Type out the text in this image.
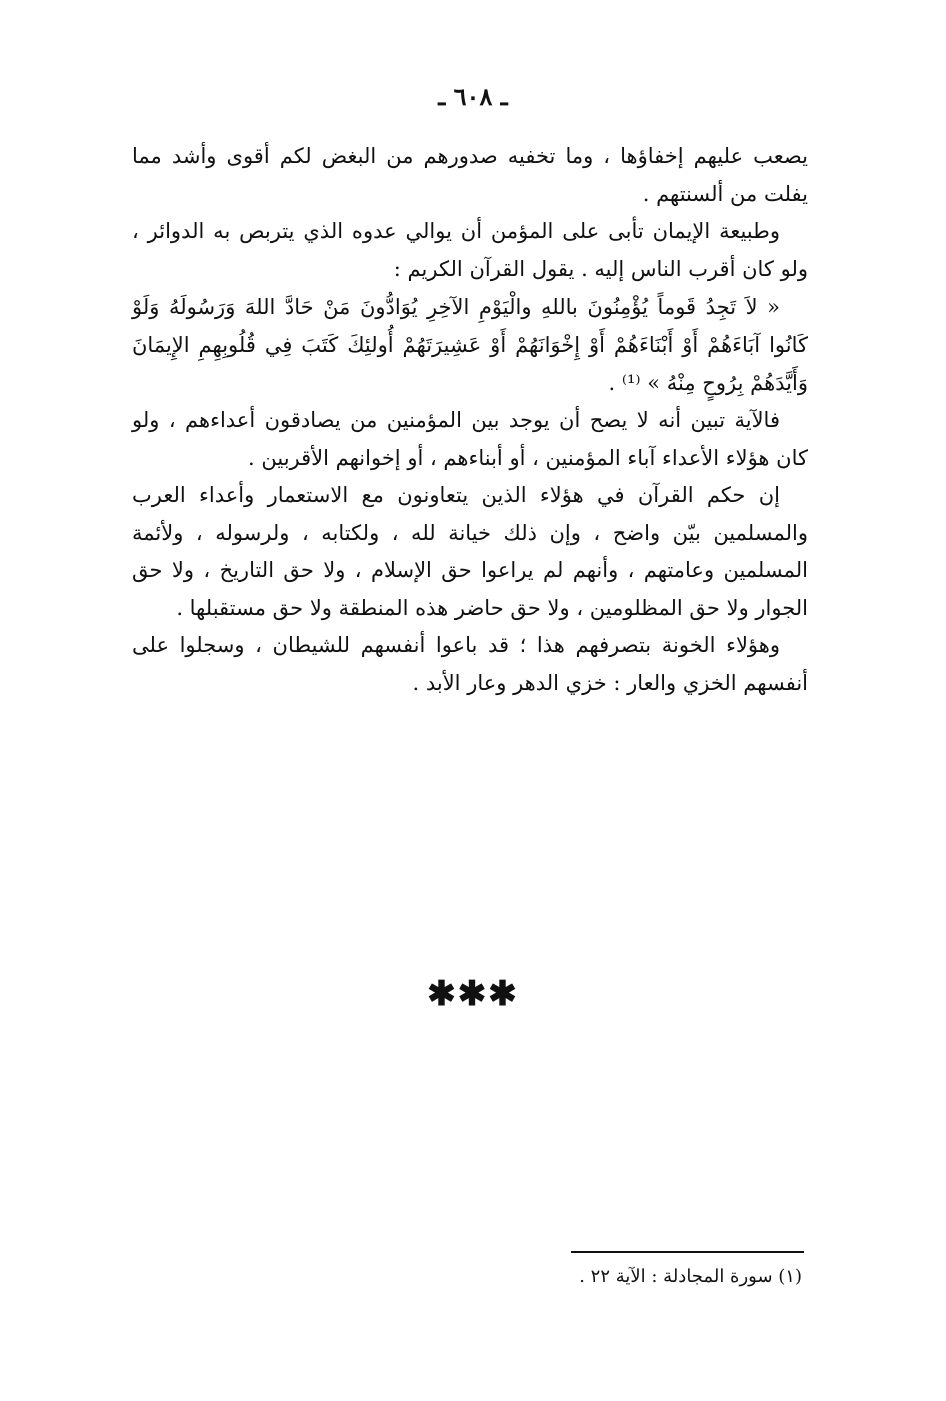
ـ ٦٠٨ ـ

يصعب عليهم إخفاؤها ، وما تخفيه صدورهم من البغض لكم أقوى وأشد مما يفلت من ألسنتهم .

وطبيعة الإيمان تأبى على المؤمن أن يوالي عدوه الذي يتربص به الدوائر ، ولو كان أقرب الناس إليه . يقول القرآن الكريم :

« لاَ تَجِدُ قَوماً يُؤْمِنُونَ باللهِ والْيَوْمِ الآخِرِ يُوَادُّونَ مَنْ حَادَّ اللهَ وَرَسُولَهُ وَلَوْ كَانُوا آبَاءَهُمْ أَوْ أَبْنَاءَهُمْ أَوْ إِخْوَانَهُمْ أَوْ عَشِيرَتَهُمْ أُولئِكَ كَتَبَ فِي قُلُوبِهِمِ الإِيمَانَ وَأَيَّدَهُمْ بِرُوحٍ مِنْهُ » ⁽¹⁾ .

فالآية تبين أنه لا يصح أن يوجد بين المؤمنين من يصادقون أعداءهم ، ولو كان هؤلاء الأعداء آباء المؤمنين ، أو أبناءهم ، أو إخوانهم الأقربين .

إن حكم القرآن في هؤلاء الذين يتعاونون مع الاستعمار وأعداء العرب والمسلمين بيّن واضح ، وإن ذلك خيانة لله ، ولكتابه ، ولرسوله ، ولأئمة المسلمين وعامتهم ، وأنهم لم يراعوا حق الإسلام ، ولا حق التاريخ ، ولا حق الجوار ولا حق المظلومين ، ولا حق حاضر هذه المنطقة ولا حق مستقبلها .

وهؤلاء الخونة بتصرفهم هذا ؛ قد باعوا أنفسهم للشيطان ، وسجلوا على أنفسهم الخزي والعار : خزي الدهر وعار الأبد .

✱✱✱
(١) سورة المجادلة : الآية ٢٢ .
